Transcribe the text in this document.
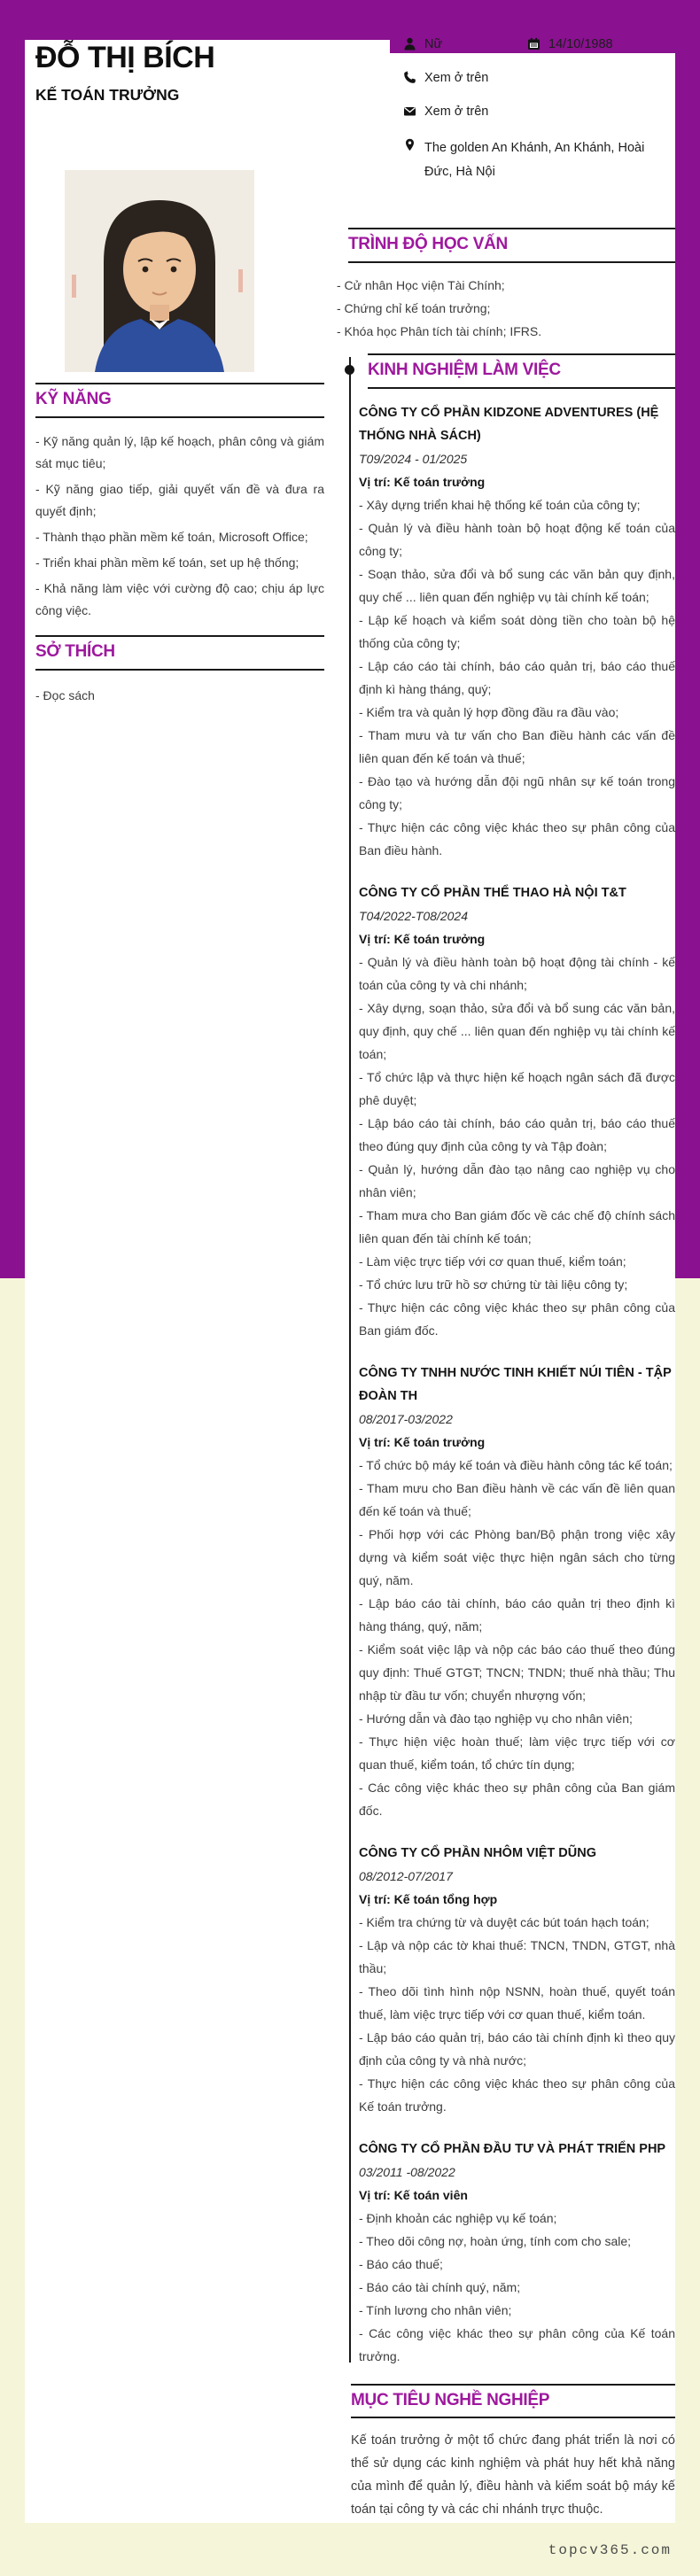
ĐỖ THỊ BÍCH
KẾ TOÁN TRƯỞNG
KỸ NĂNG
- Kỹ năng quản lý, lập kế hoạch, phân công và giám sát mục tiêu;
- Kỹ năng giao tiếp, giải quyết vấn đề và đưa ra quyết định;
- Thành thạo phần mềm kế toán, Microsoft Office;
- Triển khai phần mềm kế toán, set up hệ thống;
- Khả năng làm việc với cường độ cao; chịu áp lực công việc.
SỞ THÍCH
- Đọc sách
Nữ	14/10/1988
Xem ở trên
Xem ở trên
The golden An Khánh, An Khánh, Hoài Đức, Hà Nội
TRÌNH ĐỘ HỌC VẤN
- Cử nhân Học viện Tài Chính;
- Chứng chỉ kế toán trưởng;
- Khóa học Phân tích tài chính; IFRS.
KINH NGHIỆM LÀM VIỆC
CÔNG TY CỔ PHẦN KIDZONE ADVENTURES (HỆ THỐNG NHÀ SÁCH)
T09/2024 - 01/2025
Vị trí: Kế toán trưởng
- Xây dựng triển khai hệ thống kế toán của công ty;
- Quản lý và điều hành toàn bộ hoạt động kế toán của công ty;
- Soạn thảo, sửa đổi và bổ sung các văn bản quy định, quy chế ... liên quan đến nghiệp vụ tài chính kế toán;
- Lập kế hoạch và kiểm soát dòng tiền cho toàn bộ hệ thống của công ty;
- Lập cáo cáo tài chính, báo cáo quản trị, báo cáo thuế định kì hàng tháng, quý;
- Kiểm tra và quản lý hợp đồng đầu ra đầu vào;
- Tham mưu và tư vấn cho Ban điều hành các vấn đề liên quan đến kế toán và thuế;
- Đào tạo và hướng dẫn đội ngũ nhân sự kế toán trong công ty;
- Thực hiện các công việc khác theo sự phân công của Ban điều hành.
CÔNG TY CỔ PHẦN THỂ THAO HÀ NỘI T&T
T04/2022-T08/2024
Vị trí: Kế toán trưởng
- Quản lý và điều hành toàn bộ hoạt động tài chính - kế toán của công ty và chi nhánh;
- Xây dựng, soạn thảo, sửa đổi và bổ sung các văn bản, quy định, quy chế ... liên quan đến nghiệp vụ tài chính kế toán;
- Tổ chức lập và thực hiện kế hoạch ngân sách đã được phê duyệt;
- Lập báo cáo tài chính, báo cáo quản trị, báo cáo thuế theo đúng quy định của công ty và Tập đoàn;
- Quản lý, hướng dẫn đào tạo nâng cao nghiệp vụ cho nhân viên;
- Tham mưa cho Ban giám đốc về các chế độ chính sách liên quan đến tài chính kế toán;
- Làm việc trực tiếp với cơ quan thuế, kiểm toán;
- Tổ chức lưu trữ hồ sơ chứng từ tài liệu công ty;
- Thực hiện các công việc khác theo sự phân công của Ban giám đốc.
CÔNG TY TNHH NƯỚC TINH KHIẾT NÚI TIÊN - TẬP ĐOÀN TH
08/2017-03/2022
Vị trí: Kế toán trưởng
- Tổ chức bộ máy kế toán và điều hành công tác kế toán;
- Tham mưu cho Ban điều hành về các vấn đề liên quan đến kế toán và thuế;
- Phối hợp với các Phòng ban/Bộ phận trong việc xây dựng và kiểm soát việc thực hiện ngân sách cho từng quý, năm.
- Lập báo cáo tài chính, báo cáo quản trị theo định kì hàng tháng, quý, năm;
- Kiểm soát việc lập và nộp các báo cáo thuế theo đúng quy định: Thuế GTGT; TNCN; TNDN; thuế nhà thầu; Thu nhập từ đầu tư vốn; chuyển nhượng vốn;
- Hướng dẫn và đào tạo nghiệp vụ cho nhân viên;
- Thực hiện việc hoàn thuế; làm việc trực tiếp với cơ quan thuế, kiểm toán, tổ chức tín dụng;
- Các công việc khác theo sự phân công của Ban giám đốc.
CÔNG TY CỔ PHẦN NHÔM VIỆT DŨNG
08/2012-07/2017
Vị trí: Kế toán tổng hợp
- Kiểm tra chứng từ và duyệt các bút toán hạch toán;
- Lập và nộp các tờ khai thuế: TNCN, TNDN, GTGT, nhà thầu;
- Theo dõi tình hình nộp NSNN, hoàn thuế, quyết toán thuế, làm việc trực tiếp với cơ quan thuế, kiểm toán.
- Lập báo cáo quản trị, báo cáo tài chính định kì theo quy định của công ty và nhà nước;
- Thực hiện các công việc khác theo sự phân công của Kế toán trưởng.
CÔNG TY CỔ PHẦN ĐẦU TƯ VÀ PHÁT TRIỂN PHP
03/2011 -08/2022
Vị trí: Kế toán viên
- Định khoản các nghiệp vụ kế toán;
- Theo dõi công nợ, hoàn ứng, tính com cho sale;
- Báo cáo thuế;
- Báo cáo tài chính quý, năm;
- Tính lương cho nhân viên;
- Các công việc khác theo sự phân công của Kế toán trưởng.
MỤC TIÊU NGHỀ NGHIỆP
Kế toán trưởng ở một tổ chức đang phát triển là nơi có thể sử dụng các kinh nghiệm và phát huy hết khả năng của mình để quản lý, điều hành và kiểm soát bộ máy kế toán tại công ty và các chi nhánh trực thuộc.
topcv365.com
